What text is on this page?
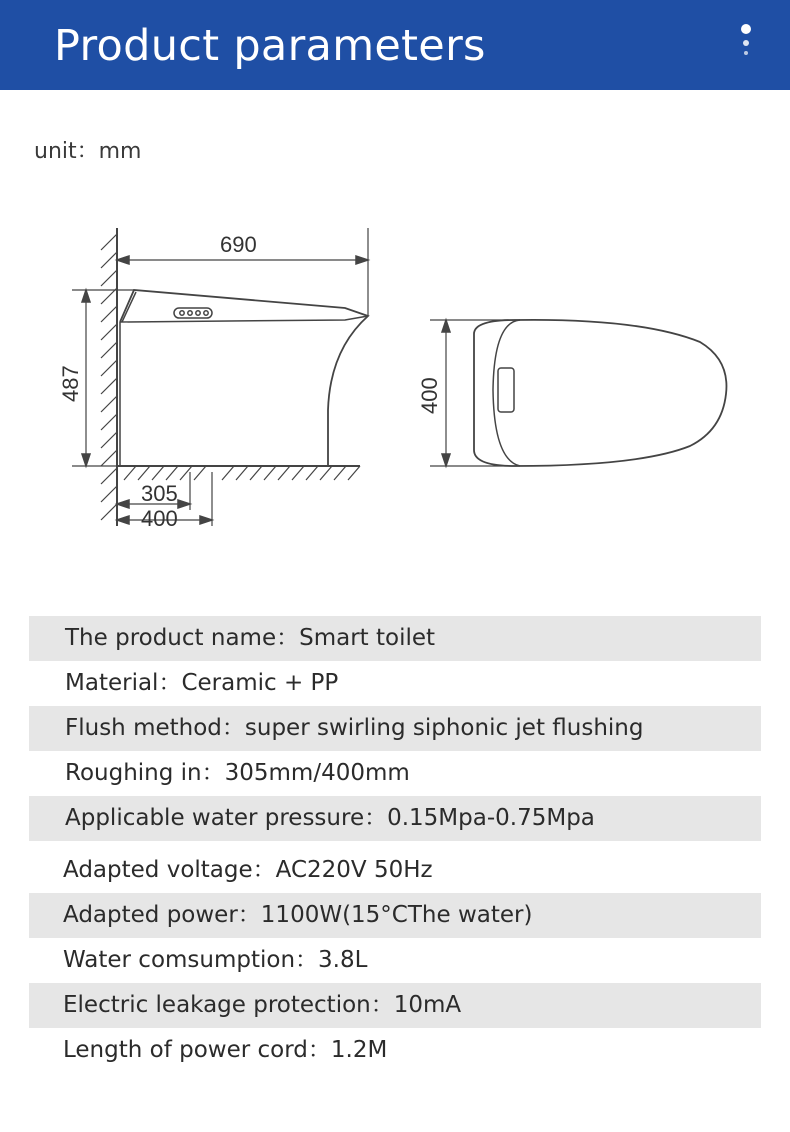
Product parameters
unit：mm
690
487
305
400
400
The product name：Smart toilet
Material：Ceramic + PP
Flush method：super swirling siphonic jet flushing
Roughing in：305mm/400mm
Applicable water pressure：0.15Mpa-0.75Mpa
Adapted voltage：AC220V 50Hz
Adapted power：1100W(15°CThe water)
Water comsumption：3.8L
Electric leakage protection：10mA
Length of power cord：1.2M
